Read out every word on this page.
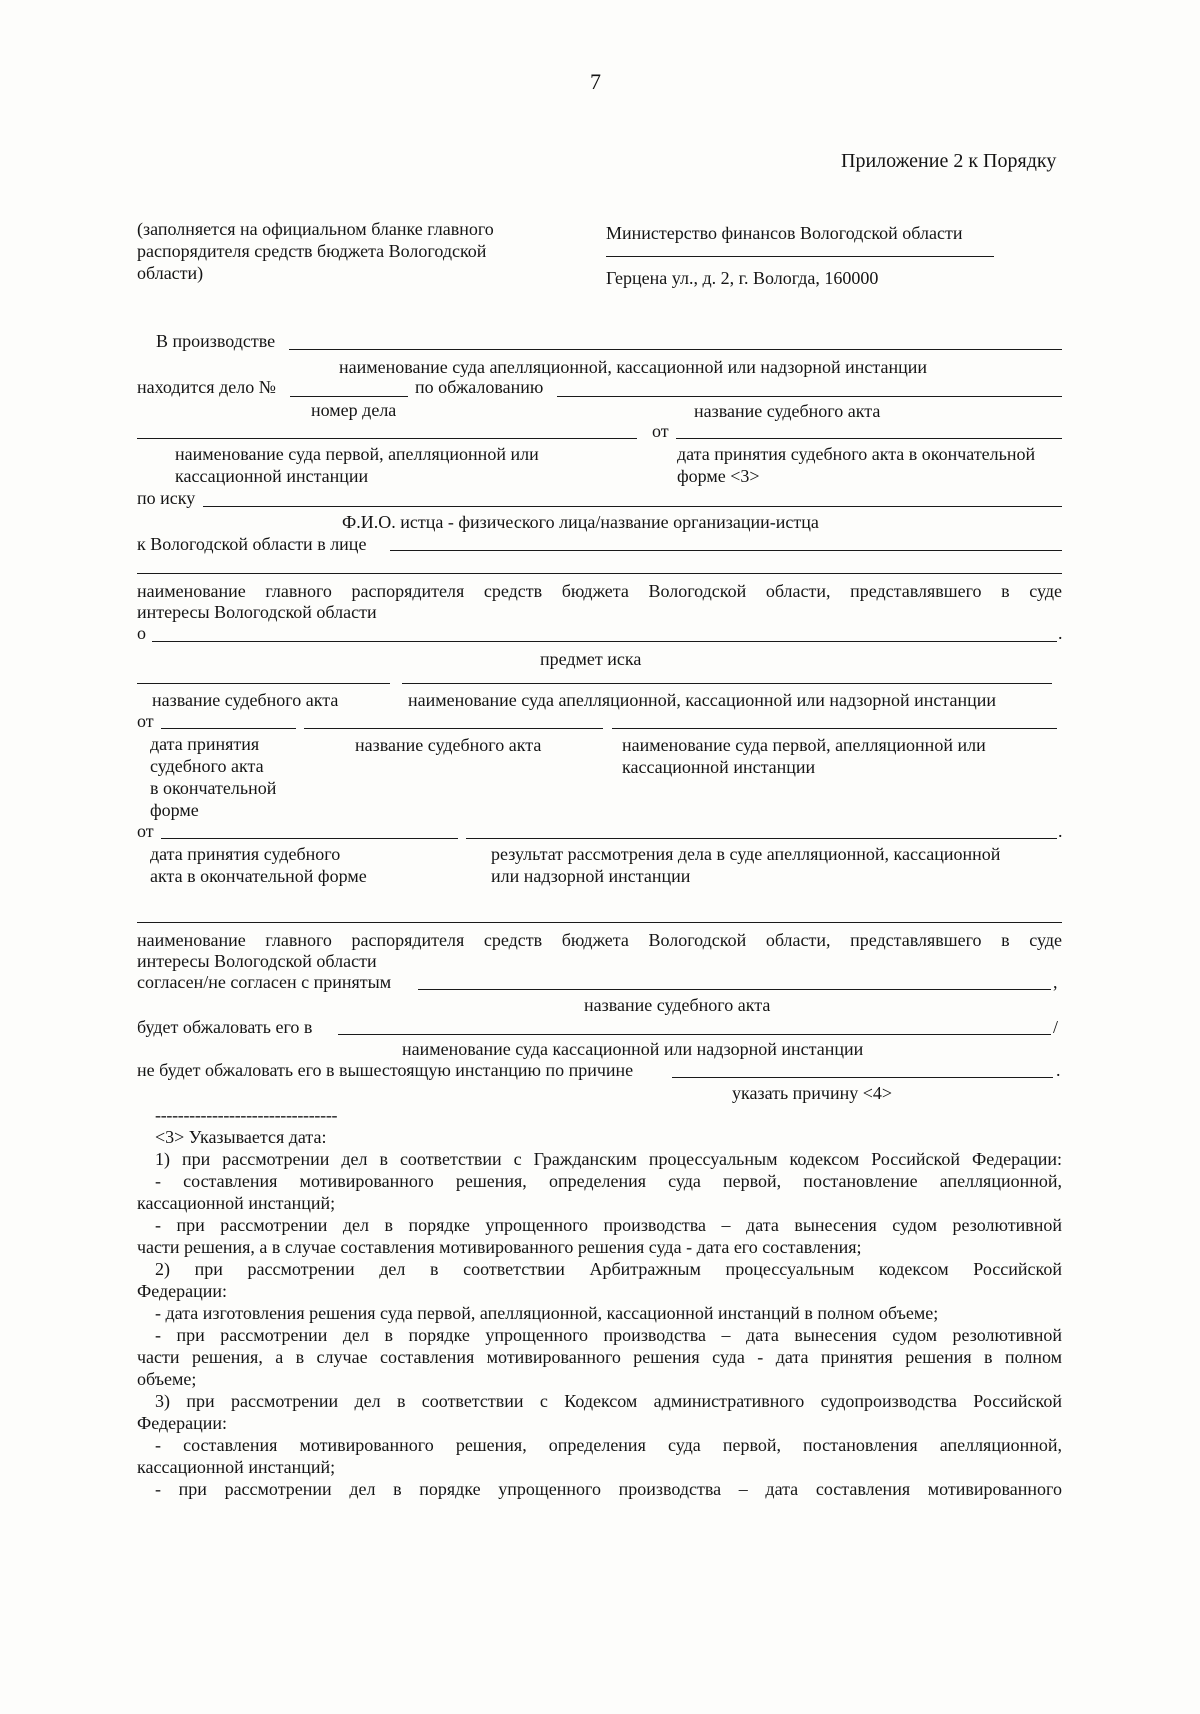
7
Приложение 2 к Порядку
(заполняется на официальном бланке главного
распорядителя средств бюджета Вологодской
области)
Министерство финансов Вологодской области
Герцена ул., д. 2, г. Вологда, 160000
В производстве
наименование суда апелляционной, кассационной или надзорной инстанции
находится дело №	по обжалованию
номер дела	название судебного акта
от
наименование суда первой, апелляционной или
кассационной инстанции
дата принятия судебного акта в окончательной
форме <3>
по иску
Ф.И.О. истца - физического лица/название организации-истца
к Вологодской области в лице
наименование главного распорядителя средств бюджета Вологодской области, представлявшего в суде
интересы Вологодской области
о	.
предмет иска
название судебного акта	наименование суда апелляционной, кассационной или надзорной инстанции
от
дата принятия
судебного акта
в окончательной
форме
название судебного акта	наименование суда первой, апелляционной или
кассационной инстанции
от	.
дата принятия судебного
акта в окончательной форме
результат рассмотрения дела в суде апелляционной, кассационной
или надзорной инстанции
наименование главного распорядителя средств бюджета Вологодской области, представлявшего в суде
интересы Вологодской области
согласен/не согласен с принятым	,
название судебного акта
будет обжаловать его в	/
наименование суда кассационной или надзорной инстанции
не будет обжаловать его в вышестоящую инстанцию по причине	.
указать причину <4>
--------------------------------
<3> Указывается дата:
1) при рассмотрении дел в соответствии с Гражданским процессуальным кодексом Российской Федерации:
- составления мотивированного решения, определения суда первой, постановление апелляционной,
кассационной инстанций;
- при рассмотрении дел в порядке упрощенного производства – дата вынесения судом резолютивной
части решения, а в случае составления мотивированного решения суда - дата его составления;
2) при рассмотрении дел в соответствии Арбитражным процессуальным кодексом Российской
Федерации:
- дата изготовления решения суда первой, апелляционной, кассационной инстанций в полном объеме;
- при рассмотрении дел в порядке упрощенного производства – дата вынесения судом резолютивной
части решения, а в случае составления мотивированного решения суда - дата принятия решения в полном
объеме;
3) при рассмотрении дел в соответствии с Кодексом административного судопроизводства Российской
Федерации:
- составления мотивированного решения, определения суда первой, постановления апелляционной,
кассационной инстанций;
- при рассмотрении дел в порядке упрощенного производства – дата составления мотивированного
